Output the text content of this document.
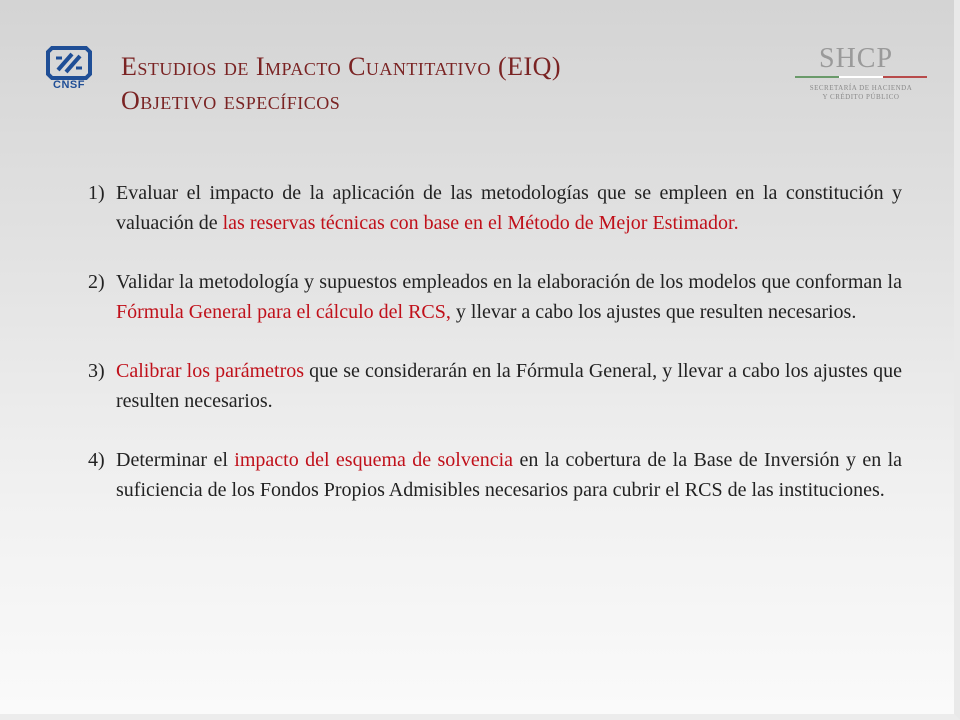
CNSF
Estudios de Impacto Cuantitativo (EIQ)
Objetivo específicos
SHCP
SECRETARÍA DE HACIENDA
Y CRÉDITO PÚBLICO
1) Evaluar el impacto de la aplicación de las metodologías que se empleen en la constitución y valuación de las reservas técnicas con base en el Método de Mejor Estimador.
2) Validar la metodología y supuestos empleados en la elaboración de los modelos que conforman la Fórmula General para el cálculo del RCS, y llevar a cabo los ajustes que resulten necesarios.
3) Calibrar los parámetros que se considerarán en la Fórmula General, y llevar a cabo los ajustes que resulten necesarios.
4) Determinar el impacto del esquema de solvencia en la cobertura de la Base de Inversión y en la suficiencia de los Fondos Propios Admisibles necesarios para cubrir el RCS de las instituciones.
